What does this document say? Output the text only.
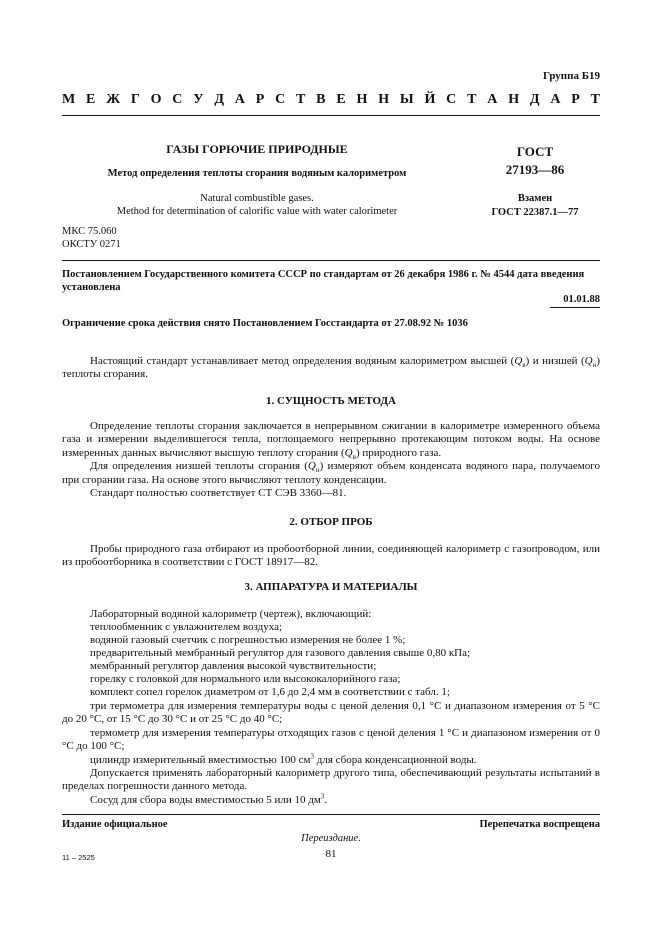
Группа Б19
М Е Ж Г О С У Д А Р С Т В Е Н Н Ы Й С Т А Н Д А Р Т
ГАЗЫ ГОРЮЧИЕ ПРИРОДНЫЕ
Метод определения теплоты сгорания водяным калориметром
Natural combustible gases.
Method for determination of calorific value with water calorimeter
ГОСТ
27193—86
Взамен
ГОСТ 22387.1—77
МКС 75.060
ОКСТУ 0271
Постановлением Государственного комитета СССР по стандартам от 26 декабря 1986 г. № 4544 дата введения установлена
01.01.88
Ограничение срока действия снято Постановлением Госстандарта от 27.08.92 № 1036

Настоящий стандарт устанавливает метод определения водяным калориметром высшей $(Q_в)$ и низшей $(Q_н)$ теплоты сгорания.

1. СУЩНОСТЬ МЕТОДА

Определение теплоты сгорания заключается в непрерывном сжигании в калориметре измеренного объема газа и измерении выделившегося тепла, поглощаемого непрерывно протекающим потоком воды. На основе измеренных данных вычисляют высшую теплоту сгорания $(Q_в)$ природного газа.

Для определения низшей теплоты сгорания $(Q_н)$ измеряют объем конденсата водяного пара, получаемого при сгорании газа. На основе этого вычисляют теплоту конденсации.

Стандарт полностью соответствует СТ СЭВ 3360—81.

2. ОТБОР ПРОБ

Пробы природного газа отбирают из пробоотборной линии, соединяющей калориметр с газопроводом, или из пробоотборника в соответствии с ГОСТ 18917—82.

3. АППАРАТУРА И МАТЕРИАЛЫ
Лабораторный водяной калориметр (чертеж), включающий:
теплообменник с увлажнителем воздуха;
водяной газовый счетчик с погрешностью измерения не более 1 %;
предварительный мембранный регулятор для газового давления свыше 0,80 кПа;
мембранный регулятор давления высокой чувствительности;
горелку с головкой для нормального или высококалорийного газа;
комплект сопел горелок диаметром от 1,6 до 2,4 мм в соответствии с табл. 1;

три термометра для измерения температуры воды с ценой деления 0,1 °С и диапазоном измерения от 5 °С до 20 °С, от 15 °С до 30 °С и от 25 °С до 40 °С;

термометр для измерения температуры отходящих газов с ценой деления 1 °С и диапазоном измерения от 0 °С до 100 °С;

цилиндр измерительный вместимостью 100 $см^3$ для сбора конденсационной воды.

Допускается применять лабораторный калориметр другого типа, обеспечивающий результаты испытаний в пределах погрешности данного метода.

Сосуд для сбора воды вместимостью 5 или 10 $дм^3$.

Издание официальное	Перепечатка воспрещена
Переиздание.
81
11 – 2525
